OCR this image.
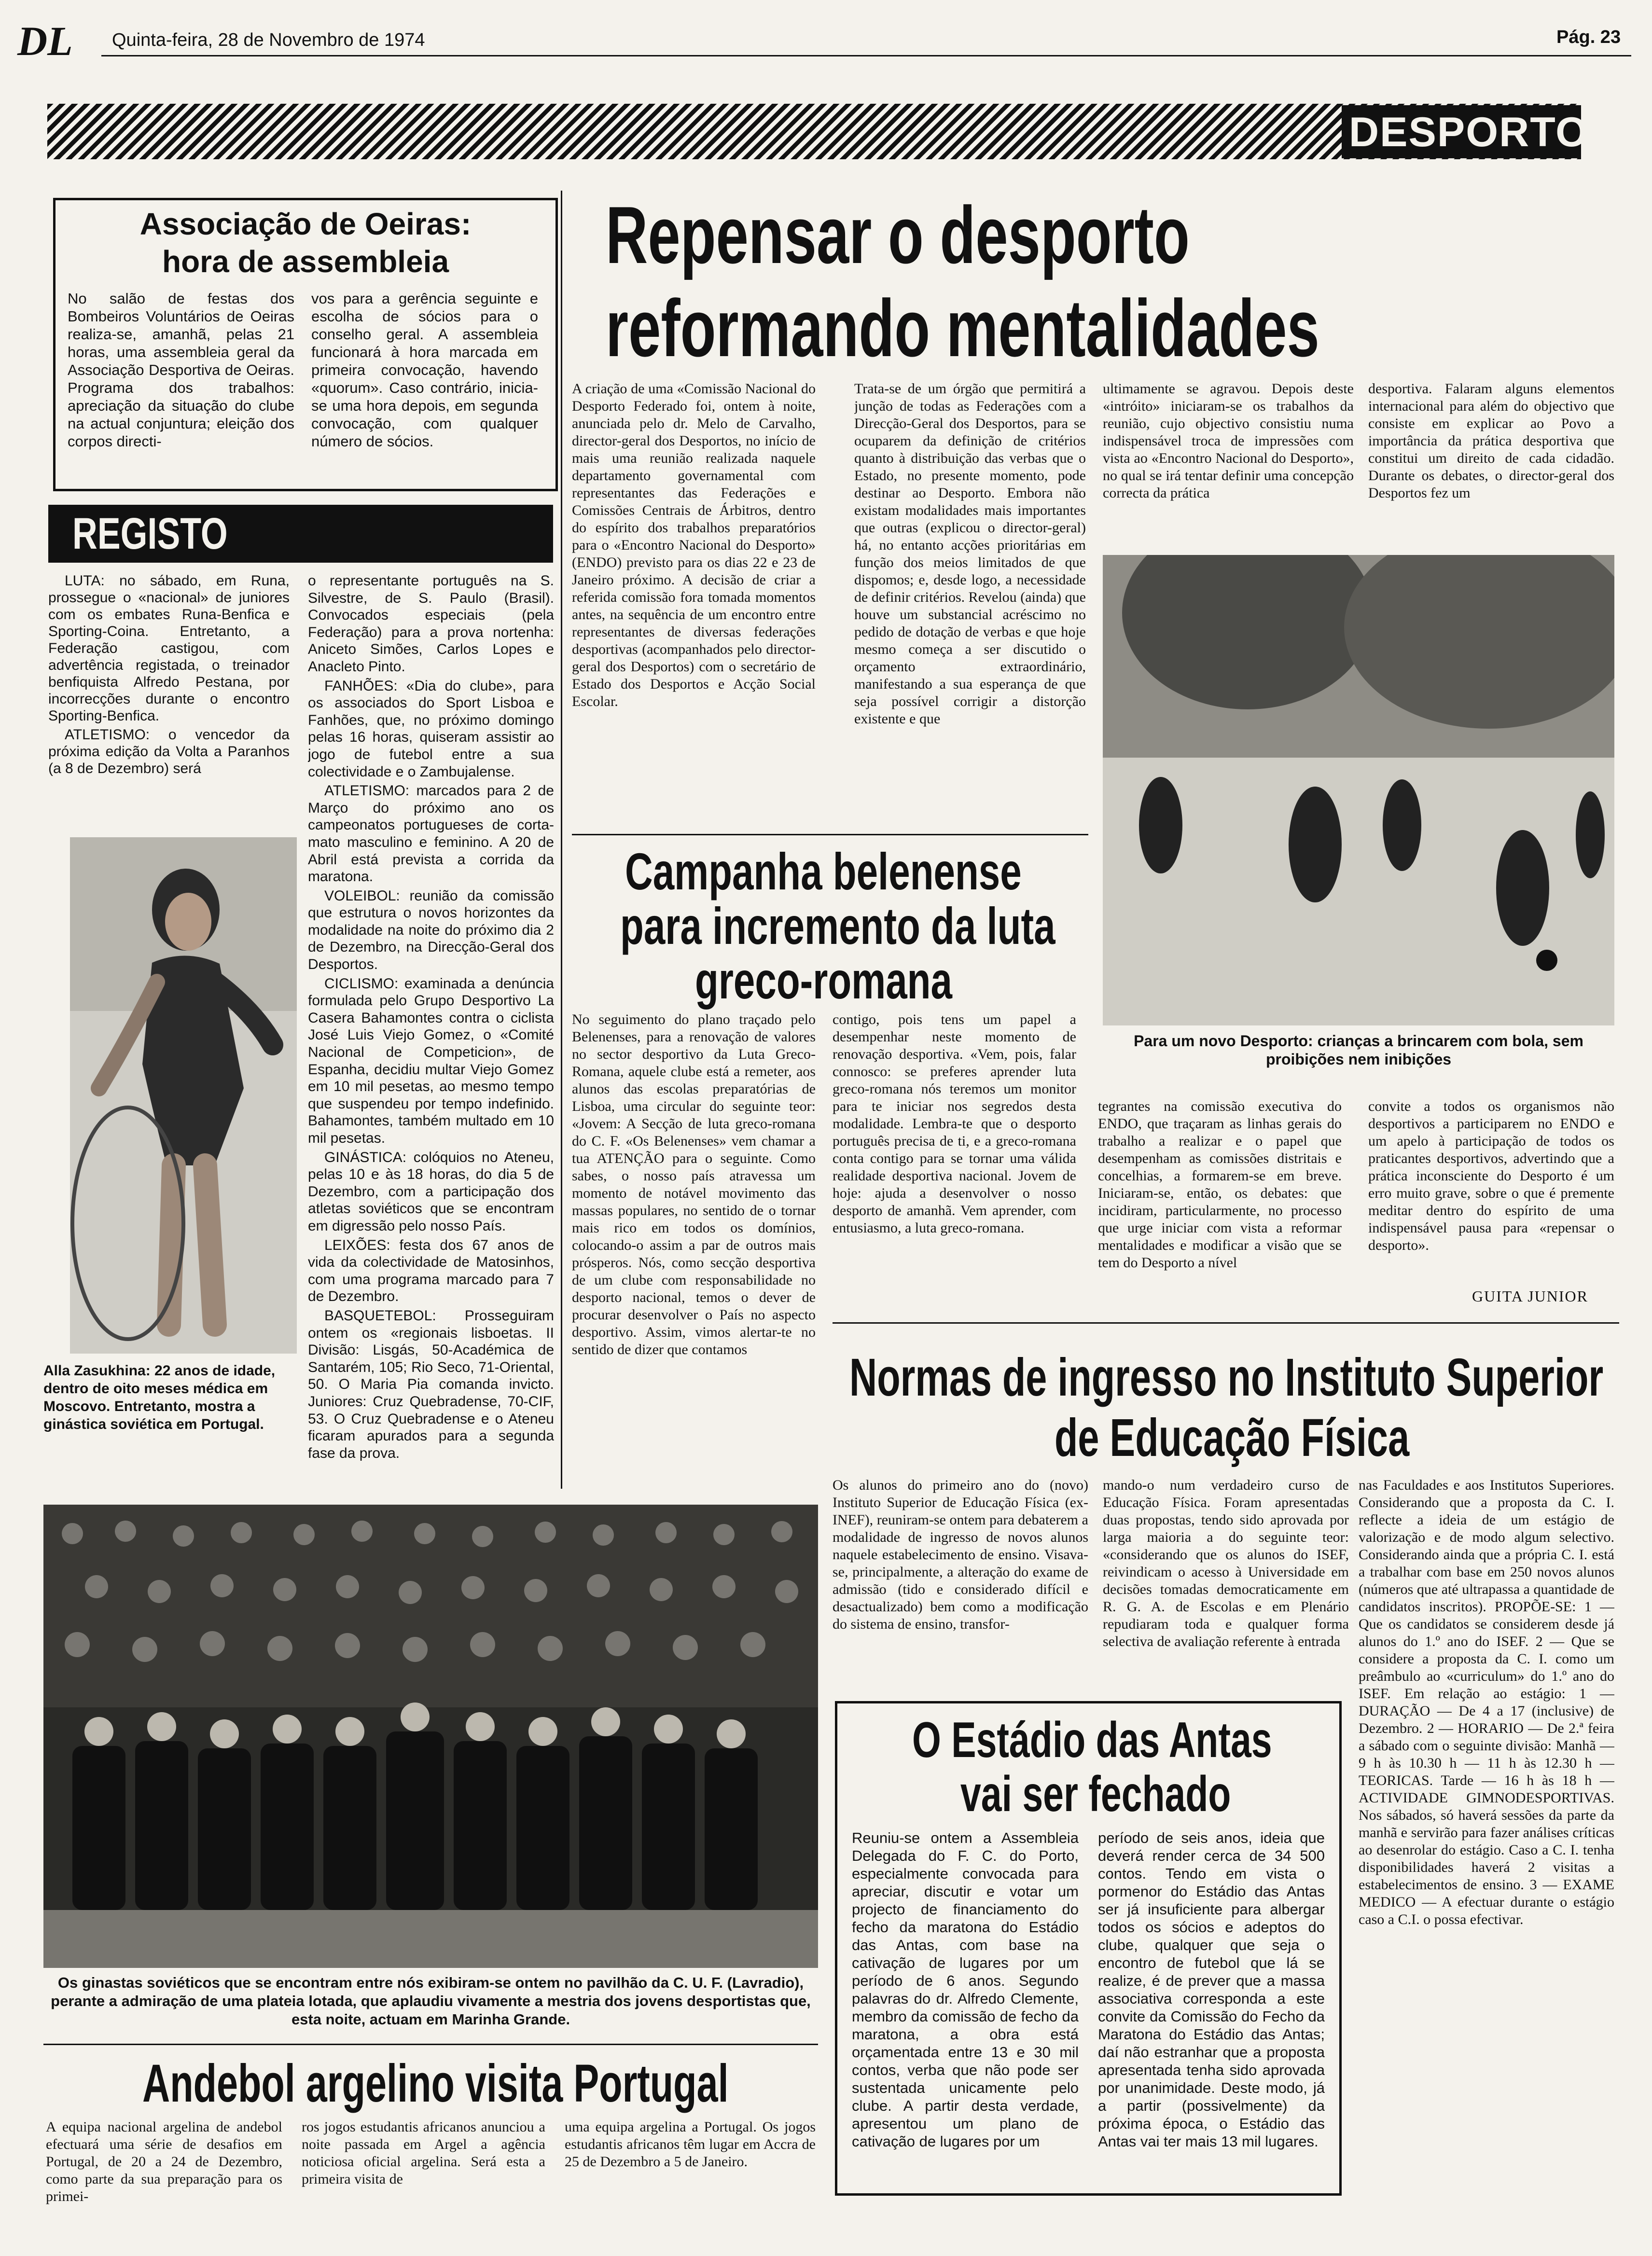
DL Quinta-feira, 28 de Novembro de 1974	Pág. 23
DESPORTOS
Associação de Oeiras:
hora de assembleia
No salão de festas dos Bombeiros Voluntários de Oeiras realiza-se, amanhã, pelas 21 horas, uma assembleia geral da Associação Desportiva de Oeiras. Programa dos trabalhos: apreciação da situação do clube na actual conjuntura; eleição dos corpos directi-
vos para a gerência seguinte e escolha de sócios para o conselho geral. A assembleia funcionará à hora marcada em primeira convocação, havendo «quorum». Caso contrário, inicia-se uma hora depois, em segunda convocação, com qualquer número de sócios.
REGISTO

LUTA: no sábado, em Runa, prossegue o «nacional» de juniores com os embates Runa-Benfica e Sporting-Coina. Entretanto, a Federação castigou, com advertência registada, o treinador benfiquista Alfredo Pestana, por incorrecções durante o encontro Sporting-Benfica.

ATLETISMO: o vencedor da próxima edição da Volta a Paranhos (a 8 de Dezembro) será

o representante português na S. Silvestre, de S. Paulo (Brasil). Convocados especiais (pela Federação) para a prova nortenha: Aniceto Simões, Carlos Lopes e Anacleto Pinto.

FANHÕES: «Dia do clube», para os associados do Sport Lisboa e Fanhões, que, no próximo domingo pelas 16 horas, quiseram assistir ao jogo de futebol entre a sua colectividade e o Zambujalense.

ATLETISMO: marcados para 2 de Março do próximo ano os campeonatos portugueses de corta-mato masculino e feminino. A 20 de Abril está prevista a corrida da maratona.

VOLEIBOL: reunião da comissão que estrutura o novos horizontes da modalidade na noite do próximo dia 2 de Dezembro, na Direcção-Geral dos Desportos.

CICLISMO: examinada a denúncia formulada pelo Grupo Desportivo La Casera Bahamontes contra o ciclista José Luis Viejo Gomez, o «Comité Nacional de Competicion», de Espanha, decidiu multar Viejo Gomez em 10 mil pesetas, ao mesmo tempo que suspendeu por tempo indefinido. Bahamontes, também multado em 10 mil pesetas.

GINÁSTICA: colóquios no Ateneu, pelas 10 e às 18 horas, do dia 5 de Dezembro, com a participação dos atletas soviéticos que se encontram em digressão pelo nosso País.

LEIXÕES: festa dos 67 anos de vida da colectividade de Matosinhos, com uma programa marcado para 7 de Dezembro.

BASQUETEBOL: Prosseguiram ontem os «regionais lisboetas. II Divisão: Lisgás, 50-Académica de Santarém, 105; Rio Seco, 71-Oriental, 50. O Maria Pia comanda invicto. Juniores: Cruz Quebradense, 70-CIF, 53. O Cruz Quebradense e o Ateneu ficaram apurados para a segunda fase da prova.

Alla Zasukhina: 22 anos de idade, dentro de oito meses médica em Moscovo. Entretanto, mostra a ginástica soviética em Portugal.
Repensar o desporto
reformando mentalidades
A criação de uma «Comissão Nacional do Desporto Federado foi, ontem à noite, anunciada pelo dr. Melo de Carvalho, director-geral dos Desportos, no início de mais uma reunião realizada naquele departamento governamental com representantes das Federações e Comissões Centrais de Árbitros, dentro do espírito dos trabalhos preparatórios para o «Encontro Nacional do Desporto» (ENDO) previsto para os dias 22 e 23 de Janeiro próximo. A decisão de criar a referida comissão fora tomada momentos antes, na sequência de um encontro entre representantes de diversas federações desportivas (acompanhados pelo director-geral dos Desportos) com o secretário de Estado dos Desportos e Acção Social Escolar.
Trata-se de um órgão que permitirá a junção de todas as Federações com a Direcção-Geral dos Desportos, para se ocuparem da definição de critérios quanto à distribuição das verbas que o Estado, no presente momento, pode destinar ao Desporto. Embora não existam modalidades mais importantes que outras (explicou o director-geral) há, no entanto acções prioritárias em função dos meios limitados de que dispomos; e, desde logo, a necessidade de definir critérios. Revelou (ainda) que houve um substancial acréscimo no pedido de dotação de verbas e que hoje mesmo começa a ser discutido o orçamento extraordinário, manifestando a sua esperança de que seja possível corrigir a distorção existente e que
ultimamente se agravou. Depois deste «intróito» iniciaram-se os trabalhos da reunião, cujo objectivo consistiu numa indispensável troca de impressões com vista ao «Encontro Nacional do Desporto», no qual se irá tentar definir uma concepção correcta da prática
desportiva. Falaram alguns elementos internacional para além do objectivo que consiste em explicar ao Povo a importância da prática desportiva que constitui um direito de cada cidadão. Durante os debates, o director-geral dos Desportos fez um
Para um novo Desporto: crianças a brincarem com bola, sem proibições nem inibições
tegrantes na comissão executiva do ENDO, que traçaram as linhas gerais do trabalho a realizar e o papel que desempenham as comissões distritais e concelhias, a formarem-se em breve. Iniciaram-se, então, os debates: que incidiram, particularmente, no processo que urge iniciar com vista a reformar mentalidades e modificar a visão que se tem do Desporto a nível
convite a todos os organismos não desportivos a participarem no ENDO e um apelo à participação de todos os praticantes desportivos, advertindo que a prática inconsciente do Desporto é um erro muito grave, sobre o que é premente meditar dentro do espírito de uma indispensável pausa para «repensar o desporto».
GUITA JUNIOR
Campanha belenense
para incremento da luta
greco-romana
No seguimento do plano traçado pelo Belenenses, para a renovação de valores no sector desportivo da Luta Greco-Romana, aquele clube está a remeter, aos alunos das escolas preparatórias de Lisboa, uma circular do seguinte teor: «Jovem: A Secção de luta greco-romana do C. F. «Os Belenenses» vem chamar a tua ATENÇÃO para o seguinte. Como sabes, o nosso país atravessa um momento de notável movimento das massas populares, no sentido de o tornar mais rico em todos os domínios, colocando-o assim a par de outros mais prósperos. Nós, como secção desportiva de um clube com responsabilidade no desporto nacional, temos o dever de procurar desenvolver o País no aspecto desportivo. Assim, vimos alertar-te no sentido de dizer que contamos
contigo, pois tens um papel a desempenhar neste momento de renovação desportiva. «Vem, pois, falar connosco: se preferes aprender luta greco-romana nós teremos um monitor para te iniciar nos segredos desta modalidade. Lembra-te que o desporto português precisa de ti, e a greco-romana conta contigo para se tornar uma válida realidade desportiva nacional. Jovem de hoje: ajuda a desenvolver o nosso desporto de amanhã. Vem aprender, com entusiasmo, a luta greco-romana.
Normas de ingresso no Instituto Superior
de Educação Física
Os alunos do primeiro ano do (novo) Instituto Superior de Educação Física (ex-INEF), reuniram-se ontem para debaterem a modalidade de ingresso de novos alunos naquele estabelecimento de ensino. Visava-se, principalmente, a alteração do exame de admissão (tido e considerado difícil e desactualizado) bem como a modificação do sistema de ensino, transfor-
mando-o num verdadeiro curso de Educação Física. Foram apresentadas duas propostas, tendo sido aprovada por larga maioria a do seguinte teor: «considerando que os alunos do ISEF, reivindicam o acesso à Universidade em decisões tomadas democraticamente em R. G. A. de Escolas e em Plenário repudiaram toda e qualquer forma selectiva de avaliação referente à entrada
nas Faculdades e aos Institutos Superiores. Considerando que a proposta da C. I. reflecte a ideia de um estágio de valorização e de modo algum selectivo. Considerando ainda que a própria C. I. está a trabalhar com base em 250 novos alunos (números que até ultrapassa a quantidade de candidatos inscritos). PROPÕE-SE: 1 — Que os candidatos se considerem desde já alunos do 1.º ano do ISEF. 2 — Que se considere a proposta da C. I. como um preâmbulo ao «curriculum» do 1.º ano do ISEF. Em relação ao estágio: 1 — DURAÇÃO — De 4 a 17 (inclusive) de Dezembro. 2 — HORARIO — De 2.ª feira a sábado com o seguinte divisão: Manhã — 9 h às 10.30 h — 11 h às 12.30 h — TEORICAS. Tarde — 16 h às 18 h — ACTIVIDADE GIMNODESPORTIVAS. Nos sábados, só haverá sessões da parte da manhã e servirão para fazer análises críticas ao desenrolar do estágio. Caso a C. I. tenha disponibilidades haverá 2 visitas a estabelecimentos de ensino. 3 — EXAME MEDICO — A efectuar durante o estágio caso a C.I. o possa efectivar.
O Estádio das Antas
vai ser fechado
Reuniu-se ontem a Assembleia Delegada do F. C. do Porto, especialmente convocada para apreciar, discutir e votar um projecto de financiamento do fecho da maratona do Estádio das Antas, com base na cativação de lugares por um período de 6 anos. Segundo palavras do dr. Alfredo Clemente, membro da comissão de fecho da maratona, a obra está orçamentada entre 13 e 30 mil contos, verba que não pode ser sustentada unicamente pelo clube. A partir desta verdade, apresentou um plano de cativação de lugares por um
período de seis anos, ideia que deverá render cerca de 34 500 contos. Tendo em vista o pormenor do Estádio das Antas ser já insuficiente para albergar todos os sócios e adeptos do clube, qualquer que seja o encontro de futebol que lá se realize, é de prever que a massa associativa corresponda a este convite da Comissão do Fecho da Maratona do Estádio das Antas; daí não estranhar que a proposta apresentada tenha sido aprovada por unanimidade. Deste modo, já a partir (possivelmente) da próxima época, o Estádio das Antas vai ter mais 13 mil lugares.
Os ginastas soviéticos que se encontram entre nós exibiram-se ontem no pavilhão da C. U. F. (Lavradio), perante a admiração de uma plateia lotada, que aplaudiu vivamente a mestria dos jovens desportistas que, esta noite, actuam em Marinha Grande.
Andebol argelino visita Portugal
A equipa nacional argelina de andebol efectuará uma série de desafios em Portugal, de 20 a 24 de Dezembro, como parte da sua preparação para os primei-
ros jogos estudantis africanos anunciou a noite passada em Argel a agência noticiosa oficial argelina. Será esta a primeira visita de
uma equipa argelina a Portugal. Os jogos estudantis africanos têm lugar em Accra de 25 de Dezembro a 5 de Janeiro.
